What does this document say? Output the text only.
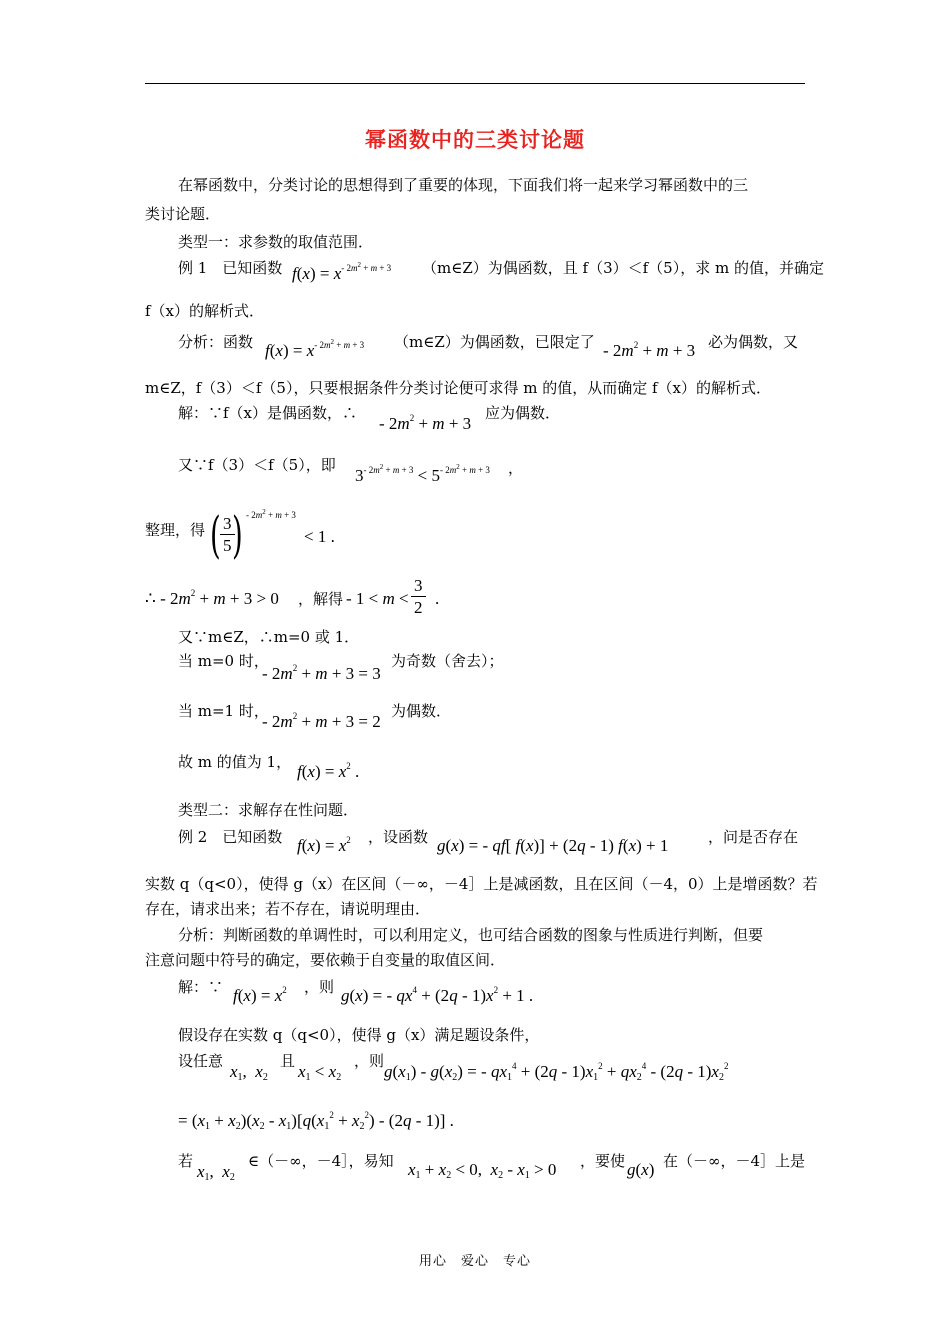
幂函数中的三类讨论题
在幂函数中，分类讨论的思想得到了重要的体现，下面我们将一起来学习幂函数中的三
类讨论题．
类型一：求参数的取值范围．
例 1　已知函数 $f(x) = x^{- 2m^2 + m + 3}$ （m∈Z）为偶函数，且 f（3）＜f（5），求 m 的值，并确定
f（x）的解析式．
分析：函数 $f(x) = x^{- 2m^2 + m + 3}$ （m∈Z）为偶函数，已限定了 - $2m^2 + m + 3$ 必为偶数，又
m∈Z，f（3）＜f（5），只要根据条件分类讨论便可求得 m 的值，从而确定 f（x）的解析式．
解：∵f（x）是偶函数，∴
- $2m^2 + m + 3$
应为偶数．
又∵f（3）＜f（5），即
$3^{- 2m^2 + m + 3} < 5^{- 2m^2 + m + 3}$ ，
整理，得 ( $\frac{3}{5}$
) - $2m^2 + m + 3$
< 1 .
∴ - $2m^2 + m + 3 > 0$ ，解得 - $1 < m < \frac{3}{2}$ .
又∵m∈Z，∴m=0 或 1．
当 m=0 时，
- $2m^2 + m + 3 = 3$
为奇数（舍去）；
当 m=1 时，
- $2m^2 + m + 3 = 2$
为偶数．
故 m 的值为 1， $f(x) = x^2$ .
类型二：求解存在性问题．
例 2　已知函数 $f(x) = x^2$ ，设函数 g(x) = - qf[ f(x)] + (2q - 1) f(x) + 1	，问是否存在
实数 q（q<0），使得 g（x）在区间（－∞，－4］上是减函数，且在区间（－4，0）上是增函数？若
存在，请求出来；若不存在，请说明理由．
分析：判断函数的单调性时，可以利用定义，也可结合函数的图象与性质进行判断，但要
注意问题中符号的确定，要依赖于自变量的取值区间．
解：∵ $f(x) = x^2$ ，则 g(x) = - $qx^4 + (2q - 1)x^2 + 1$ .
假设存在实数 q（q<0），使得 g（x）满足题设条件，
设任意
$x_1$,  $x_2$
且
$x_1 < x_2$
，则
$g(x_1) - g(x_2)$ = - $qx_1^4 + (2q - 1)x_1^2 + qx_2^4 - (2q - 1)x_2^2$
= $(x_1 + x_2)(x_2 - x_1)[q(x_1^2 + x_2^2) - (2q - 1)]$ .
若
$x_1$,  $x_2$
∈（－∞，－4］，易知 $x_1 + x_2 < 0$,  $x_2 - x_1 > 0$ ，要使 g(x) 在（－∞，－4］上是
用心　爱心　专心
